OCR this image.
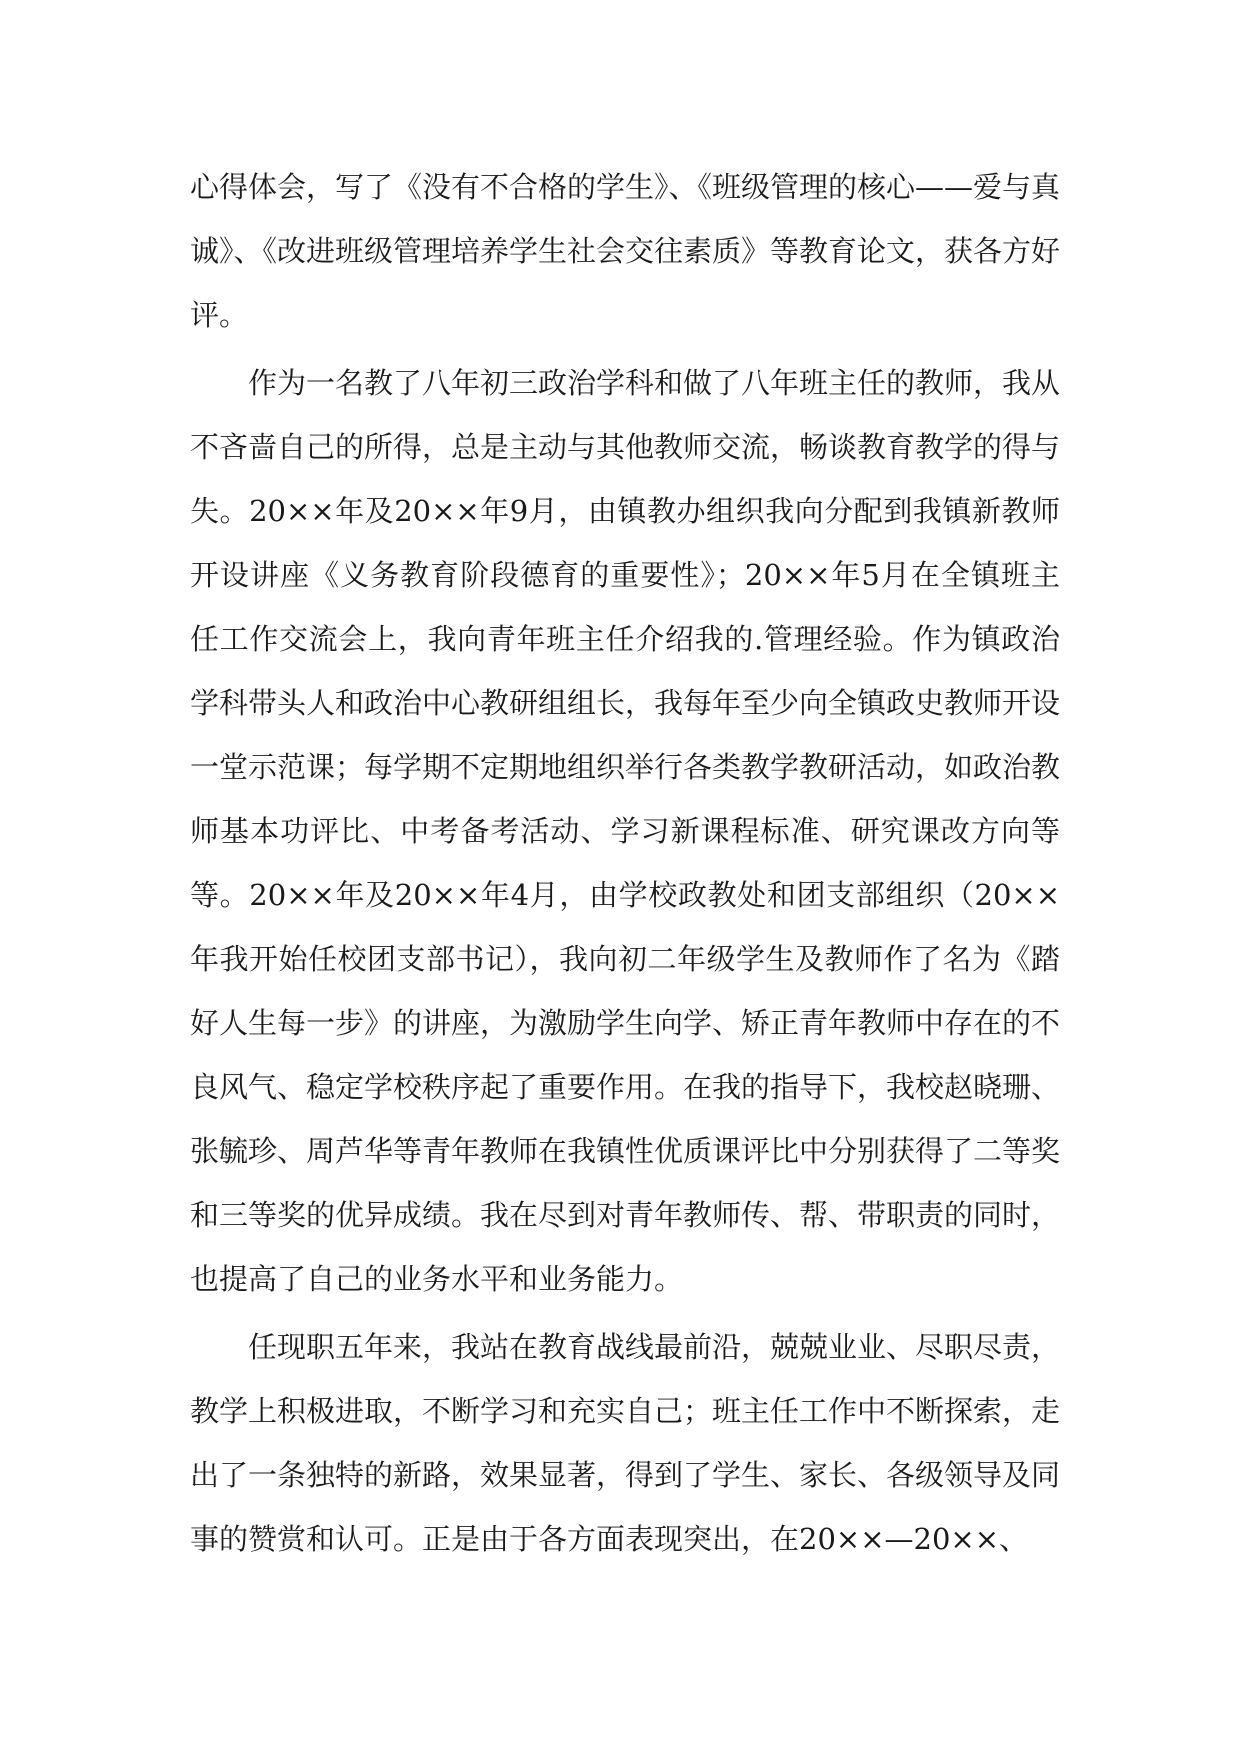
心得体会，写了《没有不合格的学生》、《班级管理的核心——爱与真诚》、《改进班级管理培养学生社会交往素质》等教育论文，获各方好评。

作为一名教了八年初三政治学科和做了八年班主任的教师，我从不吝啬自己的所得，总是主动与其他教师交流，畅谈教育教学的得与失。20××年及20××年9月，由镇教办组织我向分配到我镇新教师开设讲座《义务教育阶段德育的重要性》；20××年5月在全镇班主任工作交流会上，我向青年班主任介绍我的.管理经验。作为镇政治学科带头人和政治中心教研组组长，我每年至少向全镇政史教师开设一堂示范课；每学期不定期地组织举行各类教学教研活动，如政治教师基本功评比、中考备考活动、学习新课程标准、研究课改方向等等。20××年及20××年4月，由学校政教处和团支部组织（20××年我开始任校团支部书记），我向初二年级学生及教师作了名为《踏好人生每一步》的讲座，为激励学生向学、矫正青年教师中存在的不良风气、稳定学校秩序起了重要作用。在我的指导下，我校赵晓珊、张毓珍、周芦华等青年教师在我镇性优质课评比中分别获得了二等奖和三等奖的优异成绩。我在尽到对青年教师传、帮、带职责的同时，也提高了自己的业务水平和业务能力。

任现职五年来，我站在教育战线最前沿，兢兢业业、尽职尽责，教学上积极进取，不断学习和充实自己；班主任工作中不断探索，走出了一条独特的新路，效果显著，得到了学生、家长、各级领导及同事的赞赏和认可。正是由于各方面表现突出，在20××—20××、
